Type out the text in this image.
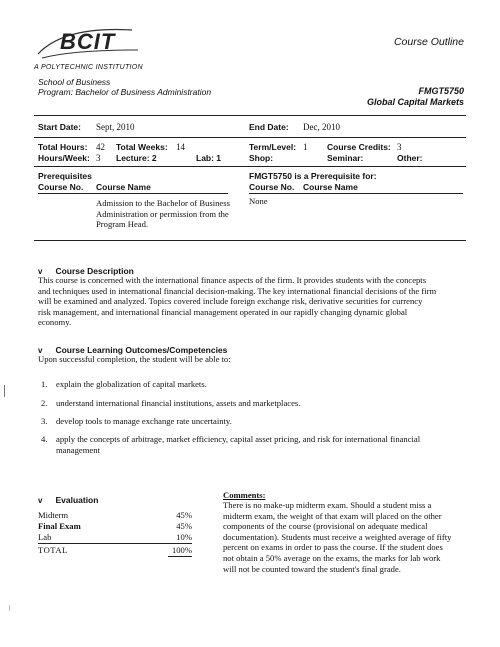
BCIT
A POLYTECHNIC INSTITUTION
Course Outline
School of Business
Program: Bachelor of Business Administration	FMGT5750
Global Capital Markets
Start Date: Sept, 2010	End Date: Dec, 2010
Total Hours: 42 Total Weeks: 14	Term/Level: 1 Course Credits: 3
Hours/Week: 3 Lecture: 2	Lab: 1	Shop:	Seminar:	Other:
Prerequisites	FMGT5750 is a Prerequisite for:
Course No. Course Name	Course No. Course Name
Admission to the Bachelor of Business
Administration or permission from the
Program Head.
None
v Course Description
This course is concerned with the international finance aspects of the firm. It provides students with the concepts
and techniques used in international financial decision-making. The key international financial decisions of the firm
will be examined and analyzed. Topics covered include foreign exchange risk, derivative securities for currency
risk management, and international financial management operated in our rapidly changing dynamic global
economy.
v Course Learning Outcomes/Competencies
Upon successful completion, the student will be able to:
1. explain the globalization of capital markets.
2. understand international financial institutions, assets and marketplaces.
3. develop tools to manage exchange rate uncertainty.
4. apply the concepts of arbitrage, market efficiency, capital asset pricing, and risk for international financial
management
v Evaluation
Midterm	45%
Final Exam	45%
Lab	10%
TOTAL	100%
Comments:
There is no make-up midterm exam. Should a student miss a
midterm exam, the weight of that exam will placed on the other
components of the course (provisional on adequate medical
documentation). Students must receive a weighted average of fifty
percent on exams in order to pass the course. If the student does
not obtain a 50% average on the exams, the marks for lab work
will not be counted toward the student's final grade.
